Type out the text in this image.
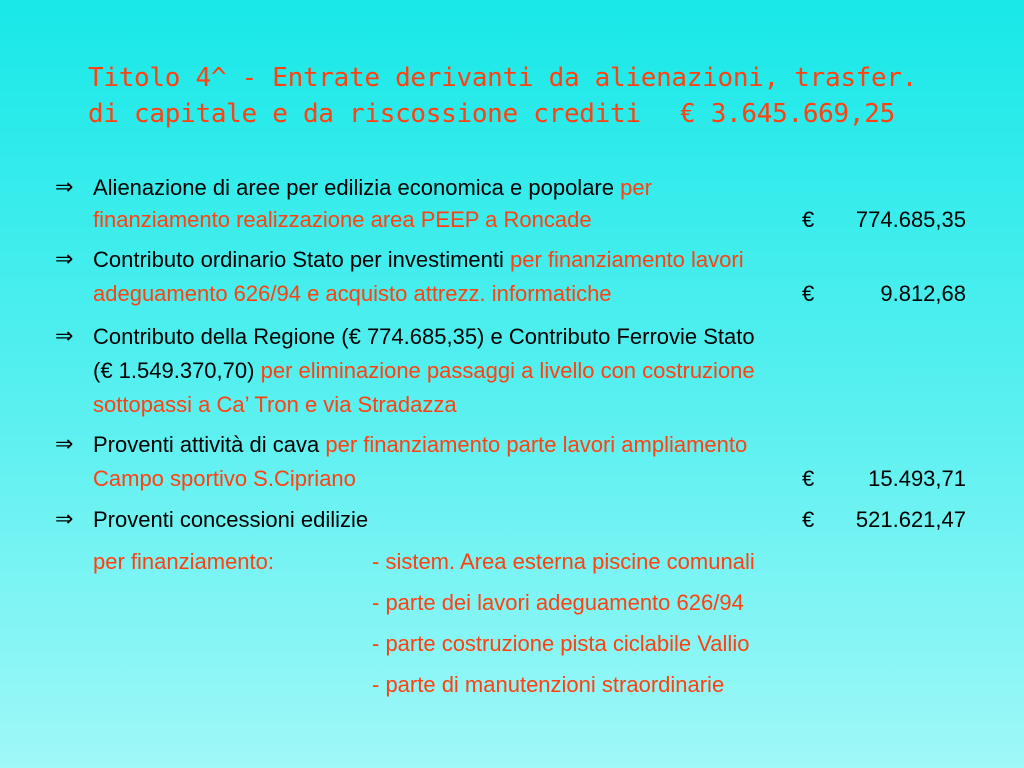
Titolo 4^ - Entrate derivanti da alienazioni, trasfer.
di capitale e da riscossione crediti	€ 3.645.669,25
⇒ Alienazione di aree per edilizia economica e popolare per
finanziamento realizzazione area PEEP a Roncade	€ 774.685,35
⇒ Contributo ordinario Stato per investimenti per finanziamento lavori
adeguamento 626/94 e acquisto attrezz. informatiche	€	9.812,68
⇒ Contributo della Regione (€ 774.685,35) e Contributo Ferrovie Stato
(€ 1.549.370,70) per eliminazione passaggi a livello con costruzione
sottopassi a Ca’ Tron e via Stradazza
⇒ Proventi attività di cava per finanziamento parte lavori ampliamento
Campo sportivo S.Cipriano	€ 15.493,71
⇒ Proventi concessioni edilizie	€ 521.621,47
per finanziamento:	- sistem. Area esterna piscine comunali
- parte dei lavori adeguamento 626/94
- parte costruzione pista ciclabile Vallio
- parte di manutenzioni straordinarie
